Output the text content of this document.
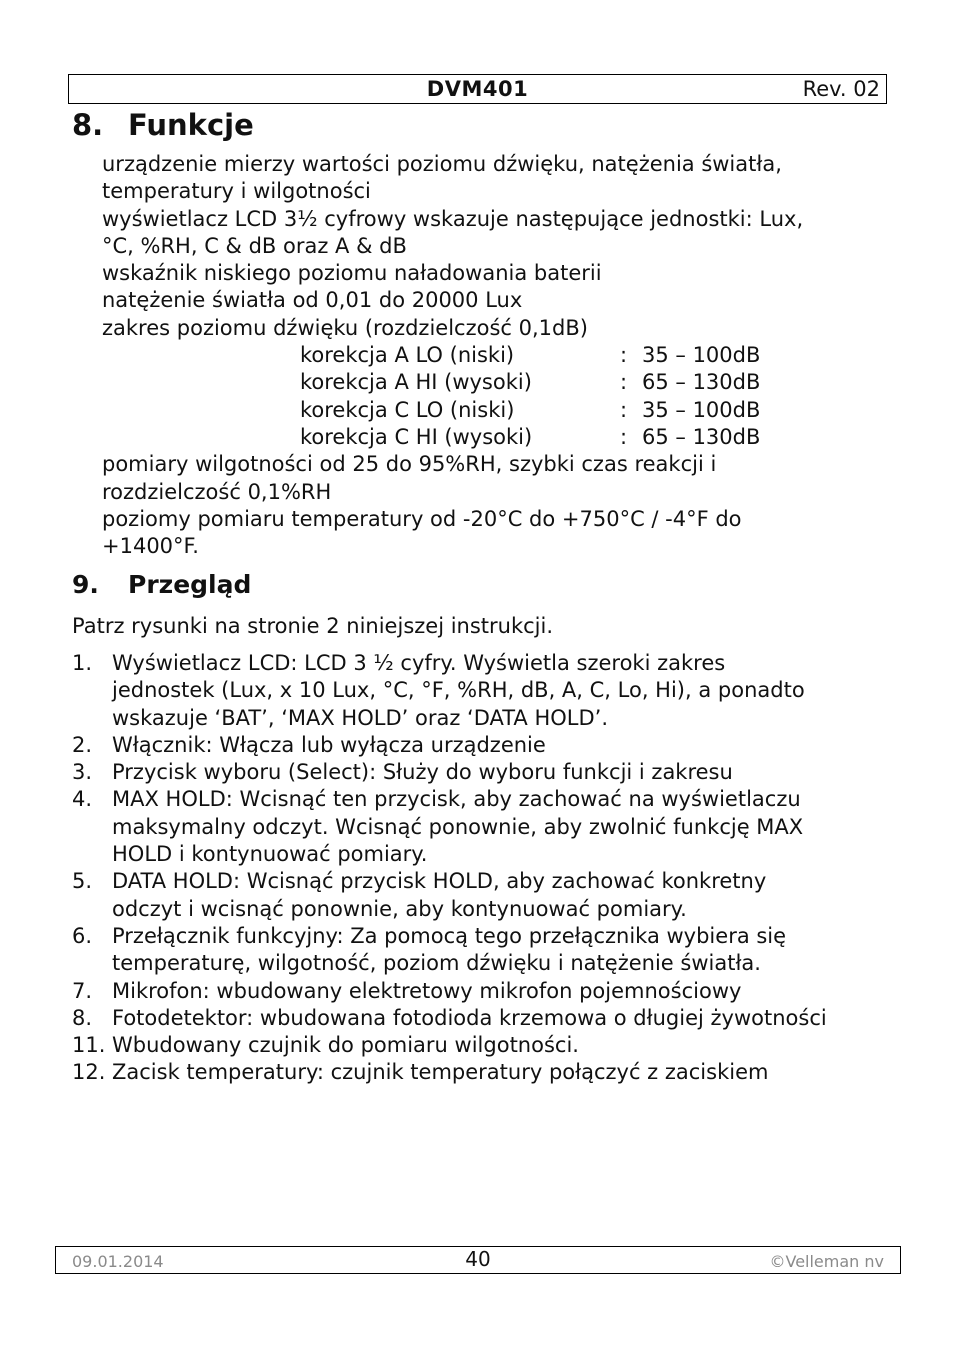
DVM401	Rev. 02
8. Funkcje
urządzenie mierzy wartości poziomu dźwięku, natężenia światła,
temperatury i wilgotności
wyświetlacz LCD 3½ cyfrowy wskazuje następujące jednostki: Lux,
°C, %RH, C & dB oraz A & dB
wskaźnik niskiego poziomu naładowania baterii
natężenie światła od 0,01 do 20000 Lux
zakres poziomu dźwięku (rozdzielczość 0,1dB)
korekcja A LO (niski)	: 35 – 100dB
korekcja A HI (wysoki)	: 65 – 130dB
korekcja C LO (niski)	: 35 – 100dB
korekcja C HI (wysoki)	: 65 – 130dB
pomiary wilgotności od 25 do 95%RH, szybki czas reakcji i
rozdzielczość 0,1%RH
poziomy pomiaru temperatury od -20°C do +750°C / -4°F do
+1400°F.
9.	Przegląd
Patrz rysunki na stronie 2 niniejszej instrukcji.
1. Wyświetlacz LCD: LCD 3 ½ cyfry. Wyświetla szeroki zakres
jednostek (Lux, x 10 Lux, °C, °F, %RH, dB, A, C, Lo, Hi), a ponadto
wskazuje ‘BAT’, ‘MAX HOLD’ oraz ‘DATA HOLD’.
2. Włącznik: Włącza lub wyłącza urządzenie
3. Przycisk wyboru (Select): Służy do wyboru funkcji i zakresu
4. MAX HOLD: Wcisnąć ten przycisk, aby zachować na wyświetlaczu
maksymalny odczyt. Wcisnąć ponownie, aby zwolnić funkcję MAX
HOLD i kontynuować pomiary.
5. DATA HOLD: Wcisnąć przycisk HOLD, aby zachować konkretny
odczyt i wcisnąć ponownie, aby kontynuować pomiary.
6. Przełącznik funkcyjny: Za pomocą tego przełącznika wybiera się
temperaturę, wilgotność, poziom dźwięku i natężenie światła.
7. Mikrofon: wbudowany elektretowy mikrofon pojemnościowy
8. Fotodetektor: wbudowana fotodioda krzemowa o długiej żywotności
11. Wbudowany czujnik do pomiaru wilgotności.
12. Zacisk temperatury: czujnik temperatury połączyć z zaciskiem
09.01.2014	40	©Velleman nv
